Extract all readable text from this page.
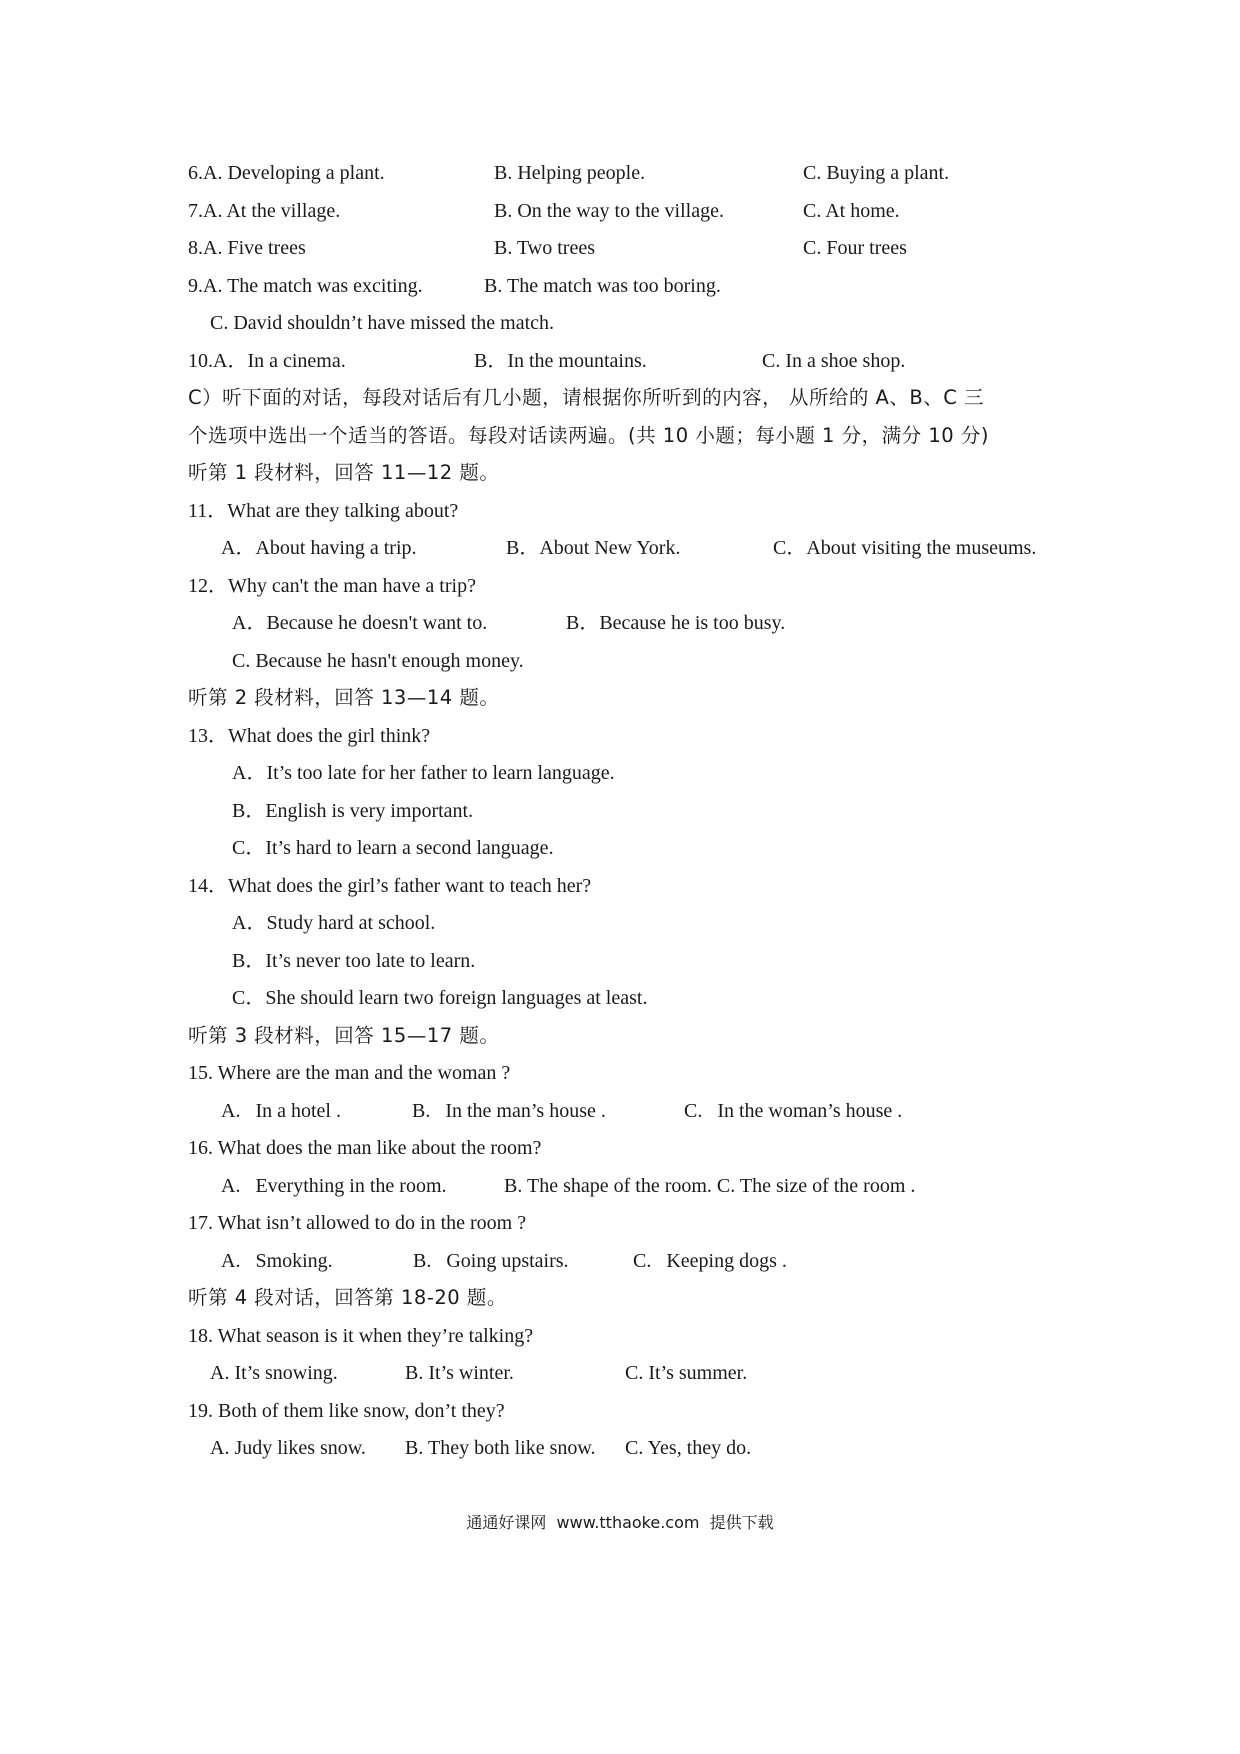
6.A. Developing a plant.	B. Helping people.	C. Buying a plant.
7.A. At the village.	B. On the way to the village.	C. At home.
8.A. Five trees	B. Two trees	C. Four trees
9.A. The match was exciting.	B. The match was too boring.
C. David shouldn’t have missed the match.
10.A．In a cinema.	B．In the mountains.	C. In a shoe shop.
C）听下面的对话，每段对话后有几小题，请根据你所听到的内容， 从所给的 A、B、C 三
个选项中选出一个适当的答语。每段对话读两遍。(共 10 小题；每小题 1 分，满分 10 分)
听第 1 段材料，回答 11—12 题。
11．What are they talking about?
A．About having a trip.	B．About New York.	C．About visiting the museums.
12．Why can't the man have a trip?
A．Because he doesn't want to.	B．Because he is too busy.
C. Because he hasn't enough money.
听第 2 段材料，回答 13—14 题。
13．What does the girl think?
A．It’s too late for her father to learn language.
B．English is very important.
C．It’s hard to learn a second language.
14．What does the girl’s father want to teach her?
A．Study hard at school.
B．It’s never too late to learn.
C．She should learn two foreign languages at least.
听第 3 段材料，回答 15—17 题。
15. Where are the man and the woman ?
A.   In a hotel .	B.   In the man’s house .	C.   In the woman’s house .
16. What does the man like about the room?
A.   Everything in the room.	B. The shape of the room. C. The size of the room .
17. What isn’t allowed to do in the room ?
A.   Smoking.	B.   Going upstairs.	C.   Keeping dogs .
听第 4 段对话，回答第 18-20 题。
18. What season is it when they’re talking?
A. It’s snowing.	B. It’s winter.	C. It’s summer.
19. Both of them like snow, don’t they?
A. Judy likes snow. B. They both like snow. C. Yes, they do.
通通好课网  www.tthaoke.com  提供下载
